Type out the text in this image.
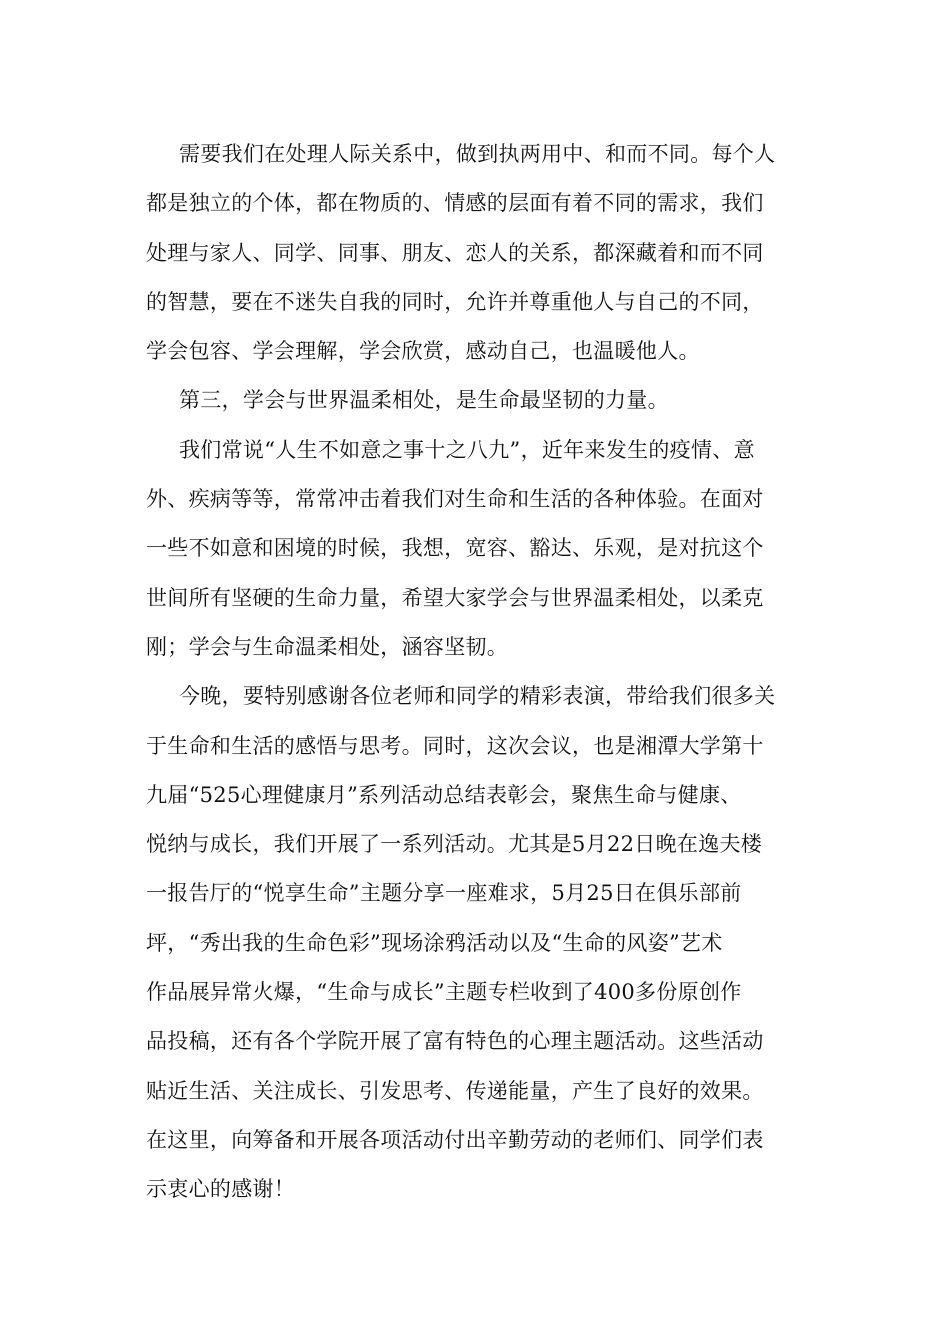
需要我们在处理人际关系中，做到执两用中、和而不同。每个人
都是独立的个体，都在物质的、情感的层面有着不同的需求，我们
处理与家人、同学、同事、朋友、恋人的关系，都深藏着和而不同
的智慧，要在不迷失自我的同时，允许并尊重他人与自己的不同，
学会包容、学会理解，学会欣赏，感动自己，也温暖他人。
第三，学会与世界温柔相处，是生命最坚韧的力量。
我们常说“人生不如意之事十之八九”，近年来发生的疫情、意
外、疾病等等，常常冲击着我们对生命和生活的各种体验。在面对
一些不如意和困境的时候，我想，宽容、豁达、乐观，是对抗这个
世间所有坚硬的生命力量，希望大家学会与世界温柔相处，以柔克
刚；学会与生命温柔相处，涵容坚韧。
今晚，要特别感谢各位老师和同学的精彩表演，带给我们很多关
于生命和生活的感悟与思考。同时，这次会议，也是湘潭大学第十
九届“525心理健康月”系列活动总结表彰会，聚焦生命与健康、
悦纳与成长，我们开展了一系列活动。尤其是5月22日晚在逸夫楼
一报告厅的“悦享生命”主题分享一座难求，5月25日在俱乐部前
坪，“秀出我的生命色彩”现场涂鸦活动以及“生命的风姿”艺术
作品展异常火爆，“生命与成长”主题专栏收到了400多份原创作
品投稿，还有各个学院开展了富有特色的心理主题活动。这些活动
贴近生活、关注成长、引发思考、传递能量，产生了良好的效果。
在这里，向筹备和开展各项活动付出辛勤劳动的老师们、同学们表
示衷心的感谢！
